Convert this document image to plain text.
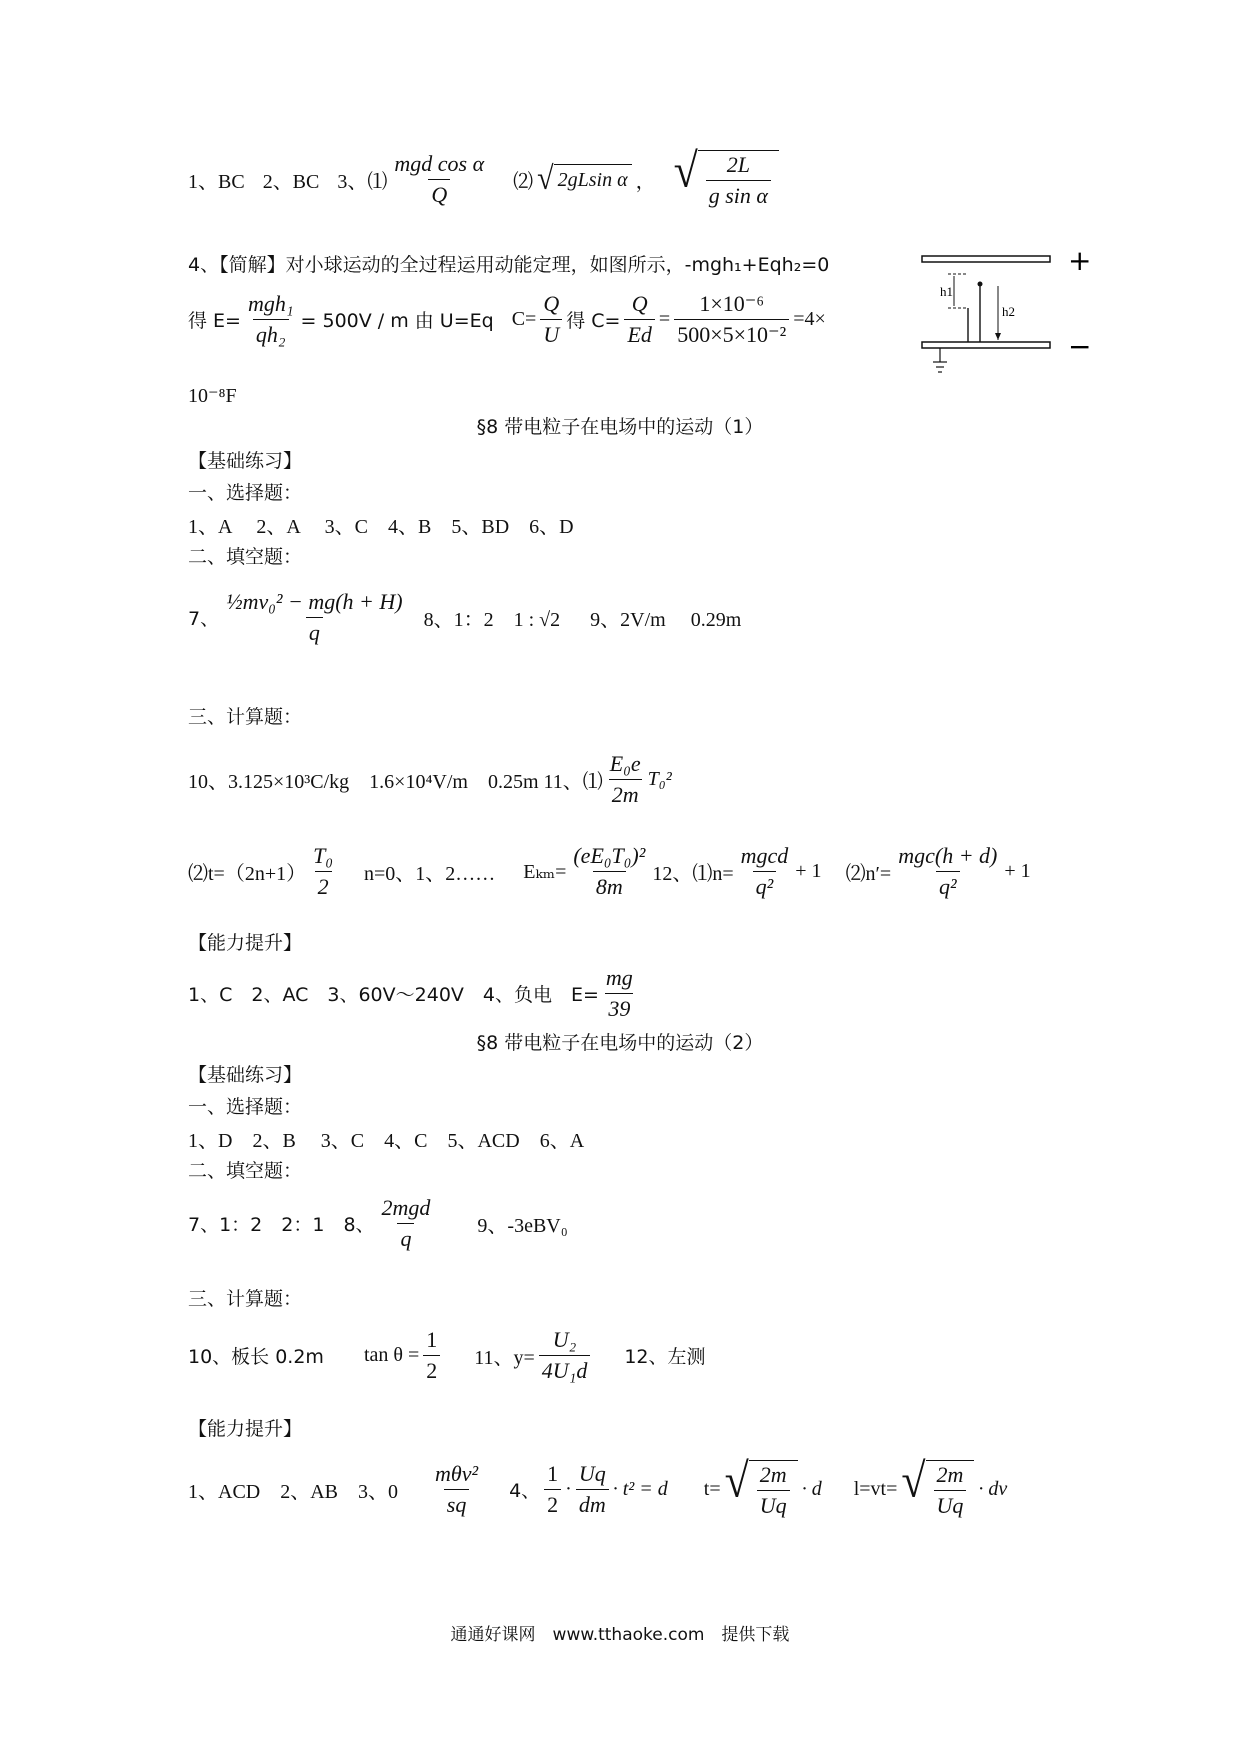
1、BC 2、BC 3、⑴ $\frac{\text{mgd cos α}}{Q}$ ⑵ √ 2gLsin α ， √ $\frac{2L}{\text{g sin α}}$
4、【简解】对小球运动的全过程运用动能定理，如图所示，-mgh₁+Eqh₂=0
得 $E= \frac{\text{mgh₁}}{\text{qh₂}} = 500V / m$ 由 U=Eq $C= \frac{Q}{U}$ 得 $C= \frac{Q}{Ed} = \frac{\text{1×10⁻⁶}}{\text{500×5×10⁻²}} =4\times$
10⁻⁸F
h1
h2
+
−
§8 带电粒子在电场中的运动（1）
【基础练习】
一、选择题：
1、A　 2、A　 3、C　4、B　5、BD　6、D
二、填空题：
7、 $\frac{\text{½mv₀² − mg(h + H)}}{q} 8$、1：2　1 : √2 9、2V/m　 0.29m
三、计算题：
10、3.125×10³C/kg　1.6×10⁴V/m　0.25m 11、⑴ $\frac{\text{E₀e}}{2m} T_0^2$
⑵t=（2n+1） $\frac{\text{T₀}}{2} n=0$、1、2…… $E_{km}= \frac{\text{(eE₀T₀)²}}{8m} 12$、⑴n= $\frac{mgcd}{\text{q²}} + 1$ ⑵n′= $\frac{\text{mgc(h + d)}}{\text{q²}} + 1$
【能力提升】
1、C　2、AC　3、60V～240V　4、负电　$E= \frac{mg}{39}$
§8 带电粒子在电场中的运动（2）
【基础练习】
一、选择题：
1、D　2、B　 3、C　4、C　5、ACD　6、A
二、填空题：
7、1：2　2：1　8、 $\frac{\text{2mgd}}{q} 9$、-3eBV₀
三、计算题：
10、板长 0.2m $\tan \theta = \frac{1}{2} 11$、$y= \frac{\text{U₂}}{\text{4U₁d}} 12$、左测
【能力提升】
1、ACD　2、AB　3、$0 \frac{\text{mθv²}}{sq} 4$、 $\frac{1}{2} \cdot \frac{Uq}{dm} \cdot t^2 = d$ t= √ $\frac{2m}{Uq} \cdot d$ l=vt= √ $\frac{2m}{Uq}$ · dv
通通好课网　www.tthaoke.com　提供下载
